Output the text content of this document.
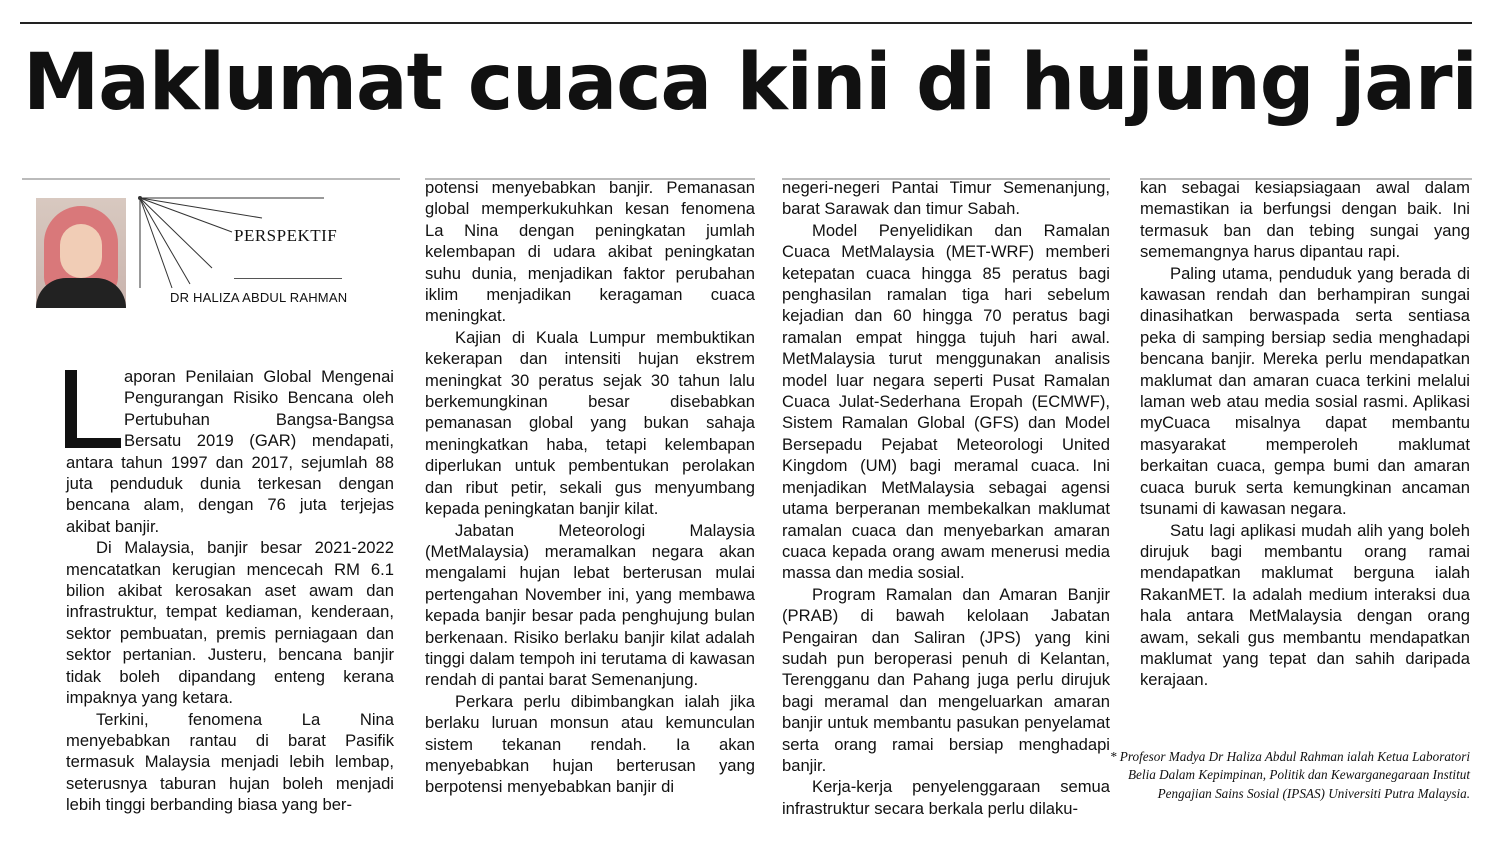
Maklumat cuaca kini di hujung jari
PERSPEKTIF
DR HALIZA ABDUL RAHMAN

aporan Penilaian Global Mengenai Pengurangan Risiko Bencana oleh Pertubuhan Bangsa-Bangsa Bersatu 2019 (GAR) mendapati, antara tahun 1997 dan 2017, sejumlah 88 juta penduduk dunia terkesan dengan bencana alam, dengan 76 juta terjejas akibat banjir.

Di Malaysia, banjir besar 2021-2022 mencatatkan kerugian mencecah RM 6.1 bilion akibat kerosakan aset awam dan infrastruktur, tempat kediaman, kenderaan, sektor pembuatan, premis perniagaan dan sektor pertanian. Justeru, bencana banjir tidak boleh dipandang enteng kerana impaknya yang ketara.

Terkini, fenomena La Nina menyebabkan rantau di barat Pasifik termasuk Malaysia menjadi lebih lembap, seterusnya taburan hujan boleh menjadi lebih tinggi berbanding biasa yang ber-

potensi menyebabkan banjir. Pemanasan global memperkukuhkan kesan fenomena La Nina dengan peningkatan jumlah kelembapan di udara akibat peningkatan suhu dunia, menjadikan faktor perubahan iklim menjadikan keragaman cuaca meningkat.

Kajian di Kuala Lumpur membuktikan kekerapan dan intensiti hujan ekstrem meningkat 30 peratus sejak 30 tahun lalu berkemungkinan besar disebabkan pemanasan global yang bukan sahaja meningkatkan haba, tetapi kelembapan diperlukan untuk pembentukan perolakan dan ribut petir, sekali gus menyumbang kepada peningkatan banjir kilat.

Jabatan Meteorologi Malaysia (MetMalaysia) meramalkan negara akan mengalami hujan lebat berterusan mulai pertengahan November ini, yang membawa kepada banjir besar pada penghujung bulan berkenaan. Risiko berlaku banjir kilat adalah tinggi dalam tempoh ini terutama di kawasan rendah di pantai barat Semenanjung.

Perkara perlu dibimbangkan ialah jika berlaku luruan monsun atau kemunculan sistem tekanan rendah. Ia akan menyebabkan hujan berterusan yang berpotensi menyebabkan banjir di

negeri-negeri Pantai Timur Semenanjung, barat Sarawak dan timur Sabah.

Model Penyelidikan dan Ramalan Cuaca MetMalaysia (MET-WRF) memberi ketepatan cuaca hingga 85 peratus bagi penghasilan ramalan tiga hari sebelum kejadian dan 60 hingga 70 peratus bagi ramalan empat hingga tujuh hari awal. MetMalaysia turut menggunakan analisis model luar negara seperti Pusat Ramalan Cuaca Julat-Sederhana Eropah (ECMWF), Sistem Ramalan Global (GFS) dan Model Bersepadu Pejabat Meteorologi United Kingdom (UM) bagi meramal cuaca. Ini menjadikan MetMalaysia sebagai agensi utama berperanan membekalkan maklumat ramalan cuaca dan menyebarkan amaran cuaca kepada orang awam menerusi media massa dan media sosial.

Program Ramalan dan Amaran Banjir (PRAB) di bawah kelolaan Jabatan Pengairan dan Saliran (JPS) yang kini sudah pun beroperasi penuh di Kelantan, Terengganu dan Pahang juga perlu dirujuk bagi meramal dan mengeluarkan amaran banjir untuk membantu pasukan penyelamat serta orang ramai bersiap menghadapi banjir.

Kerja-kerja penyelenggaraan semua infrastruktur secara berkala perlu dilaku-

kan sebagai kesiapsiagaan awal dalam memastikan ia berfungsi dengan baik. Ini termasuk ban dan tebing sungai yang sememangnya harus dipantau rapi.

Paling utama, penduduk yang berada di kawasan rendah dan berhampiran sungai dinasihatkan berwaspada serta sentiasa peka di samping bersiap sedia menghadapi bencana banjir. Mereka perlu mendapatkan maklumat dan amaran cuaca terkini melalui laman web atau media sosial rasmi. Aplikasi myCuaca misalnya dapat membantu masyarakat memperoleh maklumat berkaitan cuaca, gempa bumi dan amaran cuaca buruk serta kemungkinan ancaman tsunami di kawasan negara.

Satu lagi aplikasi mudah alih yang boleh dirujuk bagi membantu orang ramai mendapatkan maklumat berguna ialah RakanMET. Ia adalah medium interaksi dua hala antara MetMalaysia dengan orang awam, sekali gus membantu mendapatkan maklumat yang tepat dan sahih daripada kerajaan.

* Profesor Madya Dr Haliza Abdul Rahman ialah Ketua Laboratori Belia Dalam Kepimpinan, Politik dan Kewarganegaraan Institut Pengajian Sains Sosial (IPSAS) Universiti Putra Malaysia.
